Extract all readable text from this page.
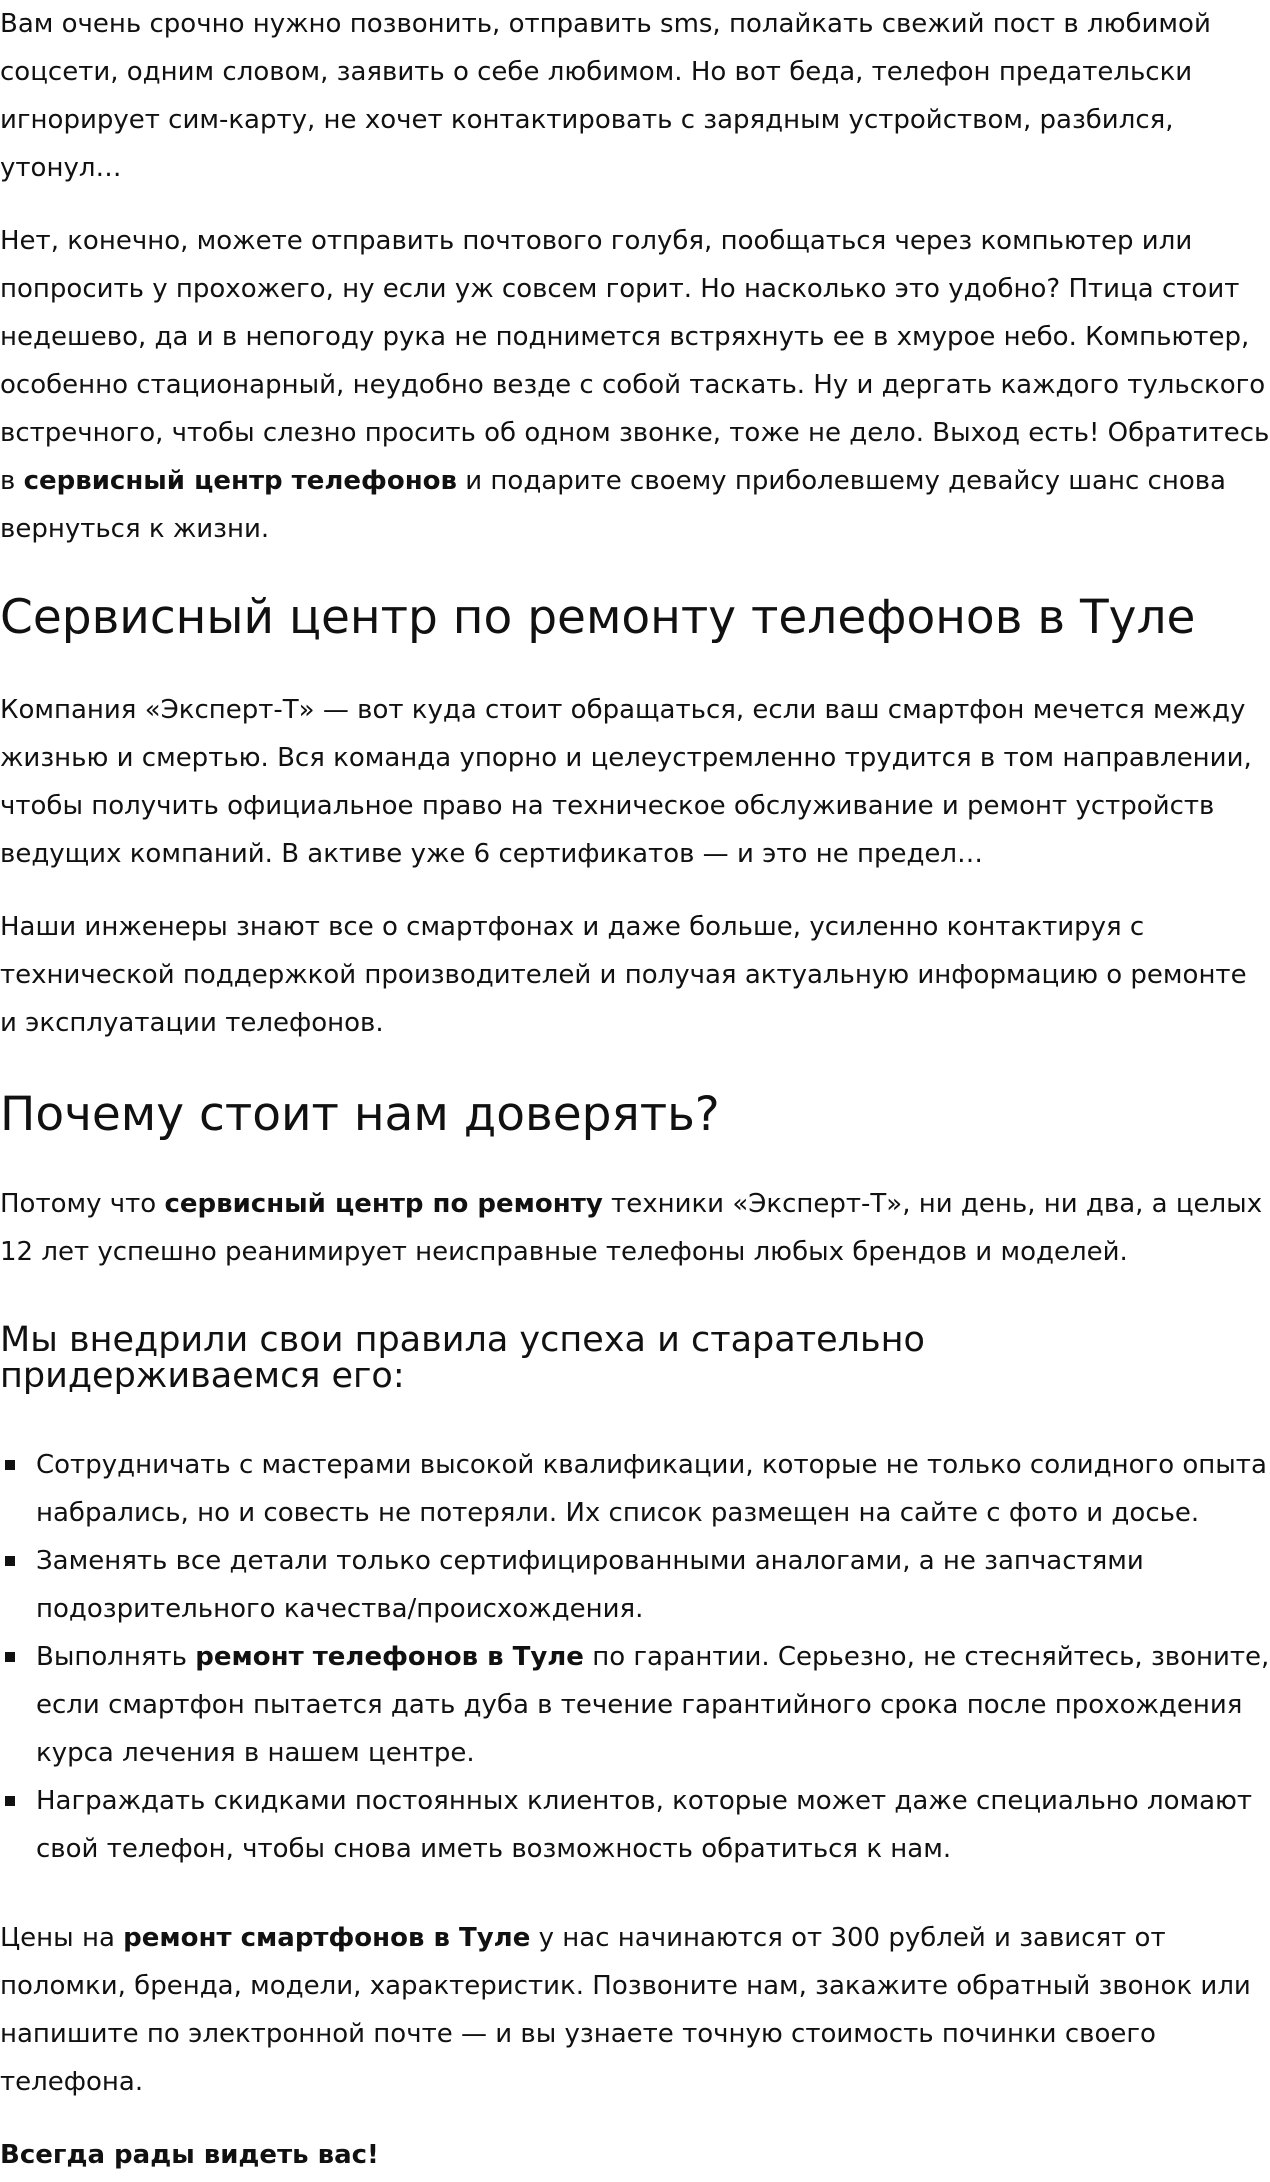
Вам очень срочно нужно позвонить, отправить sms, полайкать свежий пост в любимой соцсети, одним словом, заявить о себе любимом. Но вот беда, телефон предательски игнорирует сим-карту, не хочет контактировать с зарядным устройством, разбился, утонул…

Нет, конечно, можете отправить почтового голубя, пообщаться через компьютер или попросить у прохожего, ну если уж совсем горит. Но насколько это удобно? Птица стоит недешево, да и в непогоду рука не поднимется встряхнуть ее в хмурое небо. Компьютер, особенно стационарный, неудобно везде с собой таскать. Ну и дергать каждого тульского встречного, чтобы слезно просить об одном звонке, тоже не дело. Выход есть! Обратитесь в сервисный центр телефонов и подарите своему приболевшему девайсу шанс снова вернуться к жизни.

Сервисный центр по ремонту телефонов в Туле

Компания «Эксперт-Т» — вот куда стоит обращаться, если ваш смартфон мечется между жизнью и смертью. Вся команда упорно и целеустремленно трудится в том направлении, чтобы получить официальное право на техническое обслуживание и ремонт устройств ведущих компаний. В активе уже 6 сертификатов — и это не предел…

Наши инженеры знают все о смартфонах и даже больше, усиленно контактируя с технической поддержкой производителей и получая актуальную информацию о ремонте и эксплуатации телефонов.

Почему стоит нам доверять?

Потому что сервисный центр по ремонту техники «Эксперт-Т», ни день, ни два, а целых 12 лет успешно реанимирует неисправные телефоны любых брендов и моделей.

Мы внедрили свои правила успеха и старательно придерживаемся его:
Сотрудничать с мастерами высокой квалификации, которые не только солидного опыта набрались, но и совесть не потеряли. Их список размещен на сайте с фото и досье.
Заменять все детали только сертифицированными аналогами, а не запчастями подозрительного качества/происхождения.
Выполнять ремонт телефонов в Туле по гарантии. Серьезно, не стесняйтесь, звоните, если смартфон пытается дать дуба в течение гарантийного срока после прохождения курса лечения в нашем центре.
Награждать скидками постоянных клиентов, которые может даже специально ломают свой телефон, чтобы снова иметь возможность обратиться к нам.

Цены на ремонт смартфонов в Туле у нас начинаются от 300 рублей и зависят от поломки, бренда, модели, характеристик. Позвоните нам, закажите обратный звонок или напишите по электронной почте — и вы узнаете точную стоимость починки своего телефона.

Всегда рады видеть вас!
